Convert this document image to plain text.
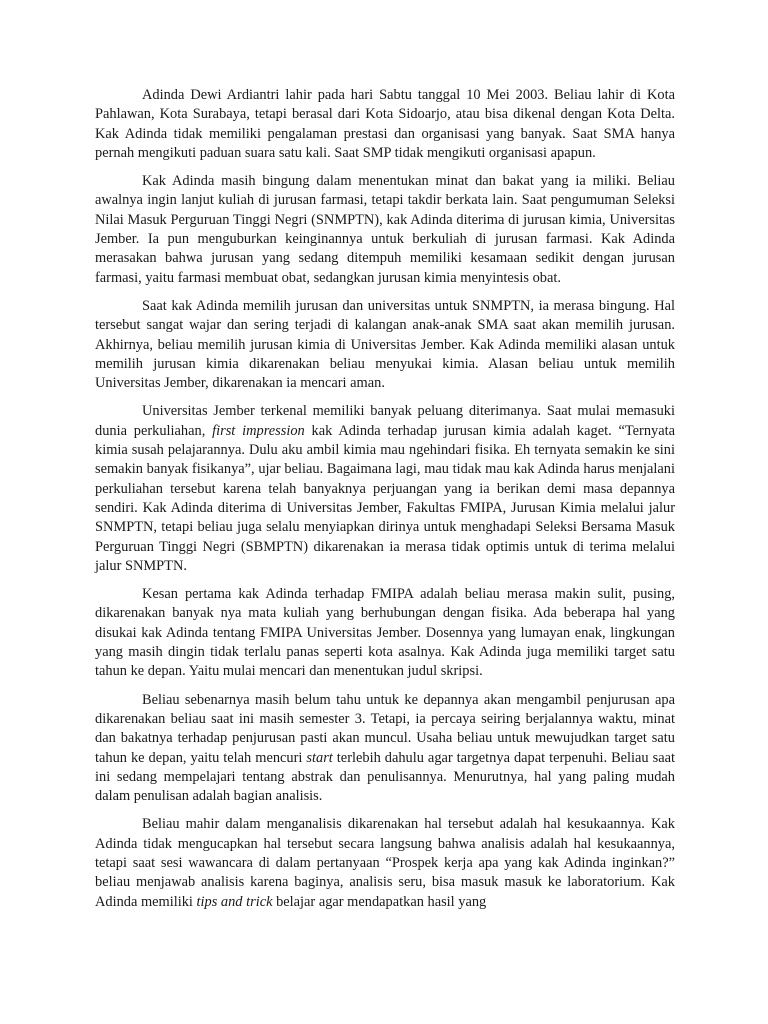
Adinda Dewi Ardiantri lahir pada hari Sabtu tanggal 10 Mei 2003. Beliau lahir di Kota Pahlawan, Kota Surabaya, tetapi berasal dari Kota Sidoarjo, atau bisa dikenal dengan Kota Delta. Kak Adinda tidak memiliki pengalaman prestasi dan organisasi yang banyak. Saat SMA hanya pernah mengikuti paduan suara satu kali. Saat SMP tidak mengikuti organisasi apapun.

Kak Adinda masih bingung dalam menentukan minat dan bakat yang ia miliki. Beliau awalnya ingin lanjut kuliah di jurusan farmasi, tetapi takdir berkata lain. Saat pengumuman Seleksi Nilai Masuk Perguruan Tinggi Negri (SNMPTN), kak Adinda diterima di jurusan kimia, Universitas Jember. Ia pun menguburkan keinginannya untuk berkuliah di jurusan farmasi. Kak Adinda merasakan bahwa jurusan yang sedang ditempuh memiliki kesamaan sedikit dengan jurusan farmasi, yaitu farmasi membuat obat, sedangkan jurusan kimia menyintesis obat.

Saat kak Adinda memilih jurusan dan universitas untuk SNMPTN, ia merasa bingung. Hal tersebut sangat wajar dan sering terjadi di kalangan anak-anak SMA saat akan memilih jurusan. Akhirnya, beliau memilih jurusan kimia di Universitas Jember. Kak Adinda memiliki alasan untuk memilih jurusan kimia dikarenakan beliau menyukai kimia. Alasan beliau untuk memilih Universitas Jember, dikarenakan ia mencari aman.

Universitas Jember terkenal memiliki banyak peluang diterimanya. Saat mulai memasuki dunia perkuliahan, first impression kak Adinda terhadap jurusan kimia adalah kaget. “Ternyata kimia susah pelajarannya. Dulu aku ambil kimia mau ngehindari fisika. Eh ternyata semakin ke sini semakin banyak fisikanya”, ujar beliau. Bagaimana lagi, mau tidak mau kak Adinda harus menjalani perkuliahan tersebut karena telah banyaknya perjuangan yang ia berikan demi masa depannya sendiri. Kak Adinda diterima di Universitas Jember, Fakultas FMIPA, Jurusan Kimia melalui jalur SNMPTN, tetapi beliau juga selalu menyiapkan dirinya untuk menghadapi Seleksi Bersama Masuk Perguruan Tinggi Negri (SBMPTN) dikarenakan ia merasa tidak optimis untuk di terima melalui jalur SNMPTN.

Kesan pertama kak Adinda terhadap FMIPA adalah beliau merasa makin sulit, pusing, dikarenakan banyak nya mata kuliah yang berhubungan dengan fisika. Ada beberapa hal yang disukai kak Adinda tentang FMIPA Universitas Jember. Dosennya yang lumayan enak, lingkungan yang masih dingin tidak terlalu panas seperti kota asalnya. Kak Adinda juga memiliki target satu tahun ke depan. Yaitu mulai mencari dan menentukan judul skripsi.

Beliau sebenarnya masih belum tahu untuk ke depannya akan mengambil penjurusan apa dikarenakan beliau saat ini masih semester 3. Tetapi, ia percaya seiring berjalannya waktu, minat dan bakatnya terhadap penjurusan pasti akan muncul. Usaha beliau untuk mewujudkan target satu tahun ke depan, yaitu telah mencuri start terlebih dahulu agar targetnya dapat terpenuhi. Beliau saat ini sedang mempelajari tentang abstrak dan penulisannya. Menurutnya, hal yang paling mudah dalam penulisan adalah bagian analisis.

Beliau mahir dalam menganalisis dikarenakan hal tersebut adalah hal kesukaannya. Kak Adinda tidak mengucapkan hal tersebut secara langsung bahwa analisis adalah hal kesukaannya, tetapi saat sesi wawancara di dalam pertanyaan “Prospek kerja apa yang kak Adinda inginkan?” beliau menjawab analisis karena baginya, analisis seru, bisa masuk masuk ke laboratorium. Kak Adinda memiliki tips and trick belajar agar mendapatkan hasil yang
